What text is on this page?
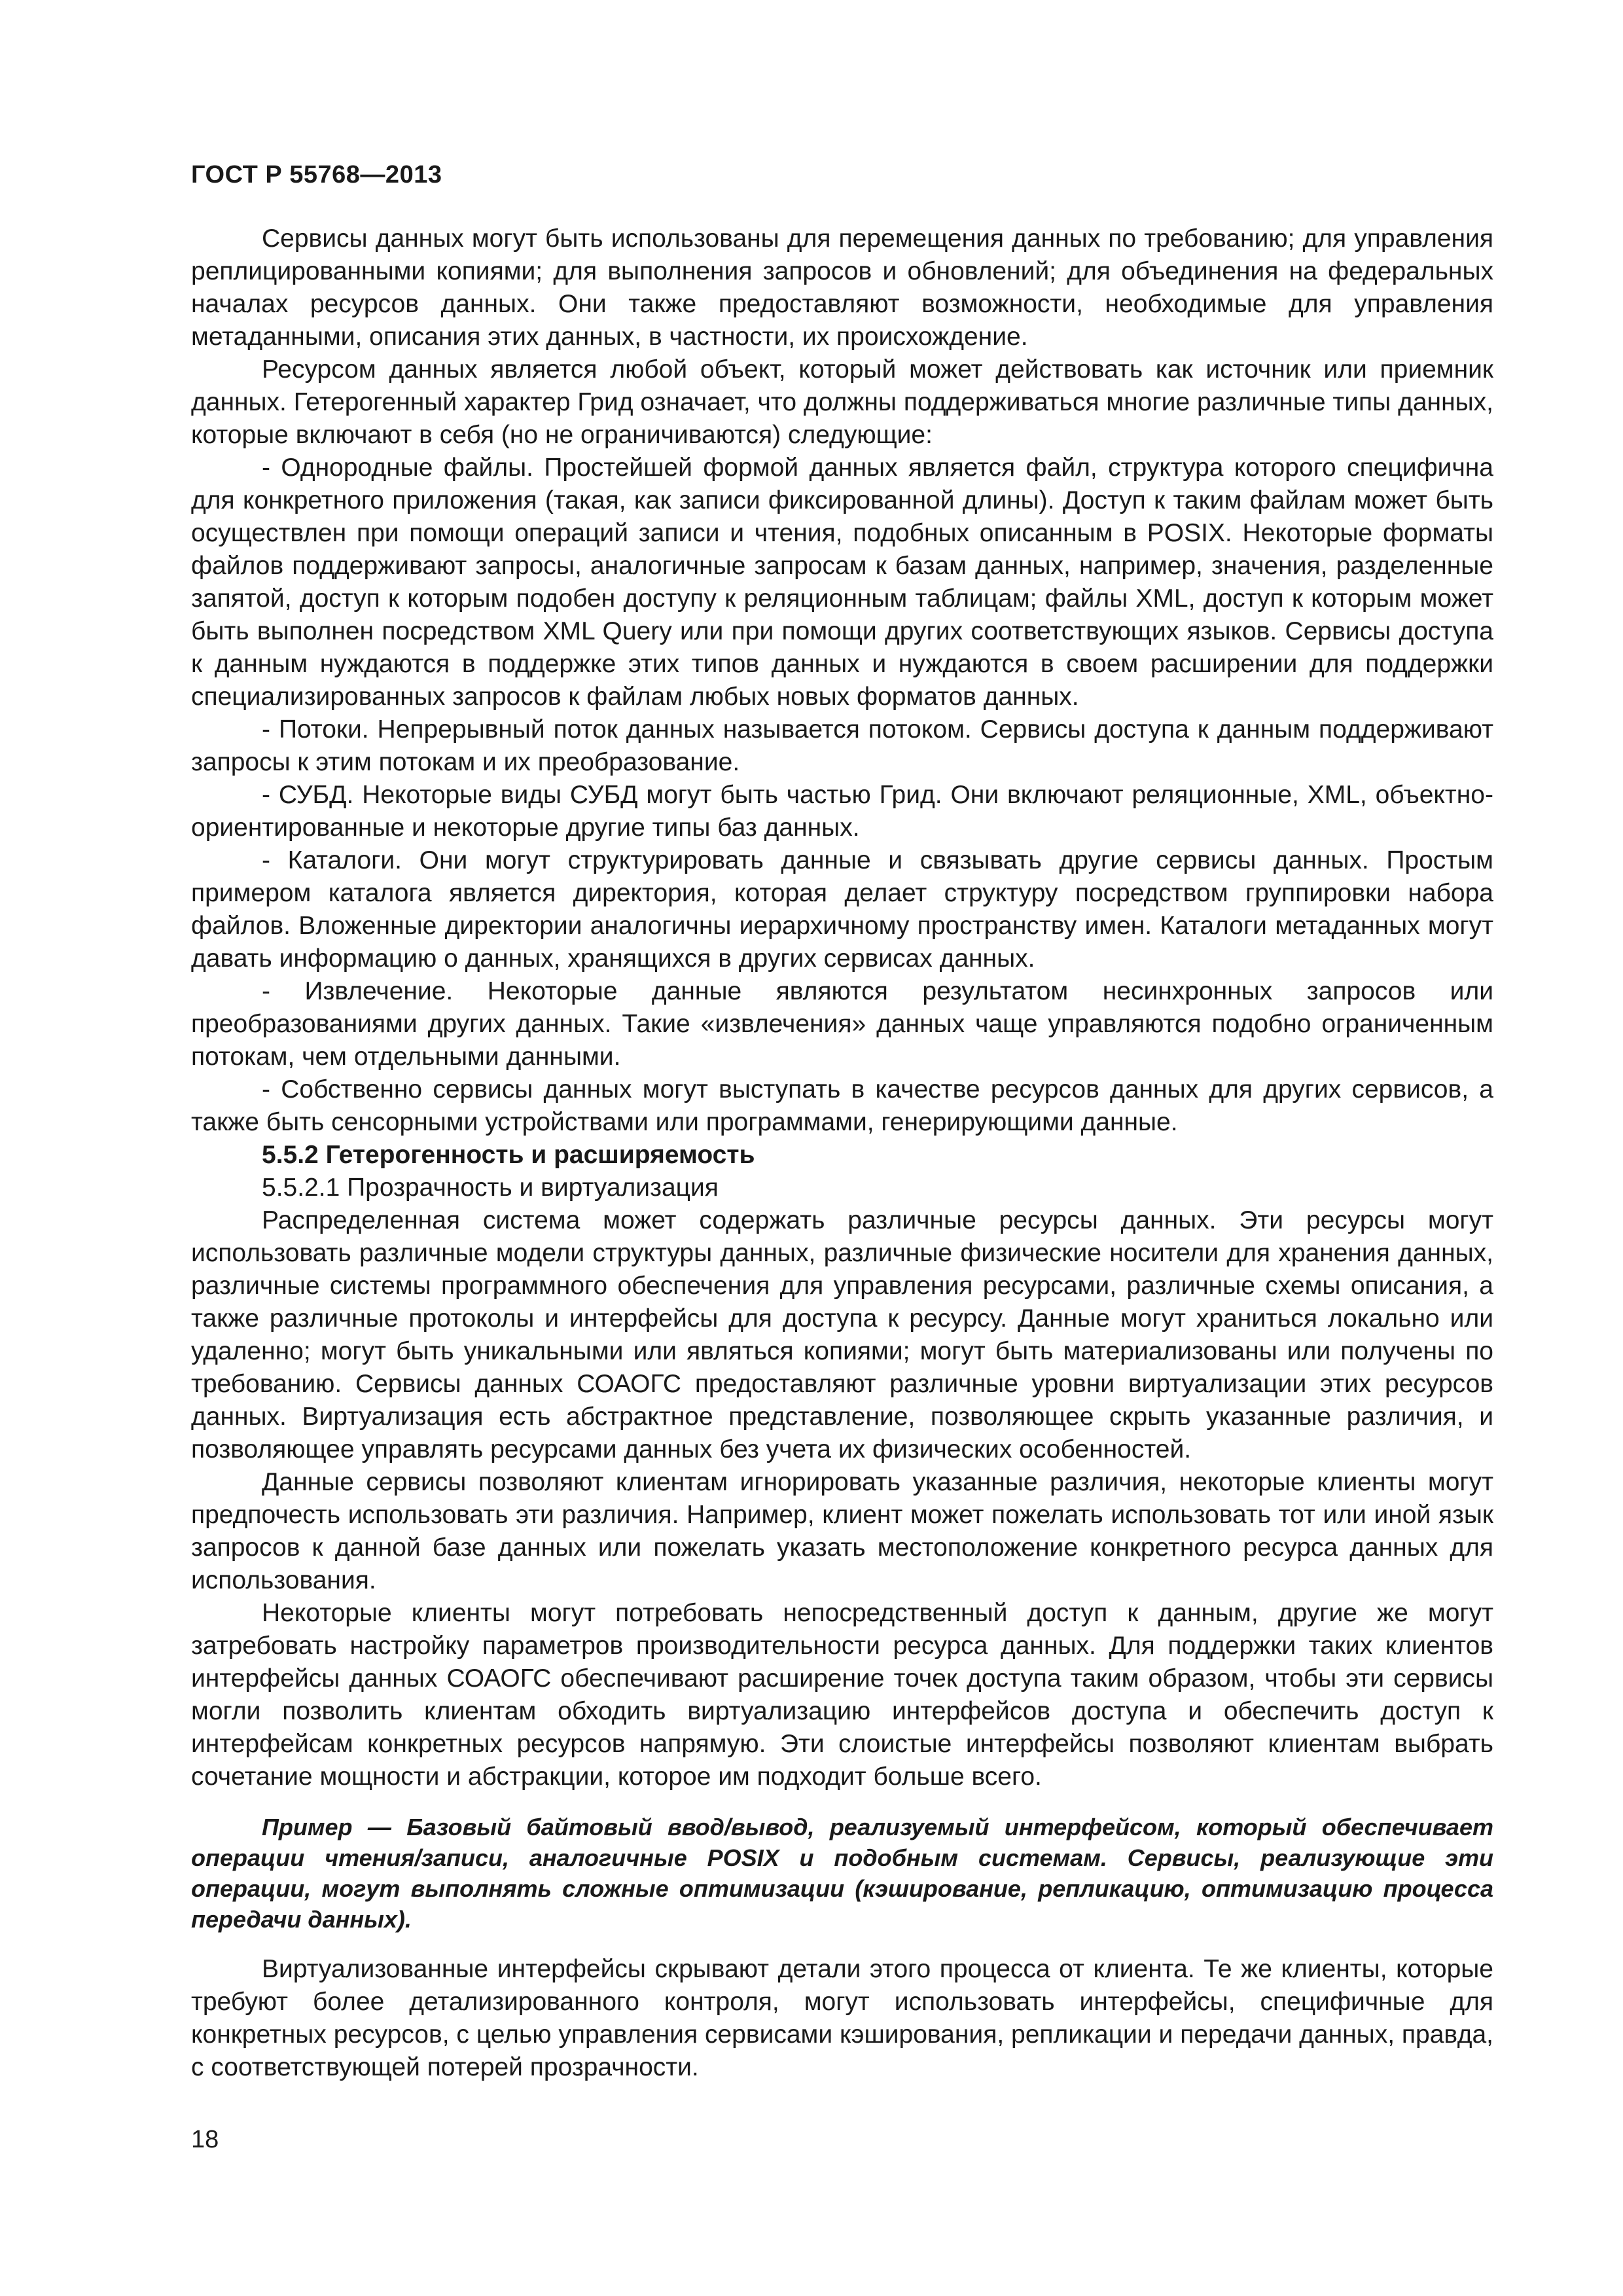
ГОСТ Р 55768—2013

Сервисы данных могут быть использованы для перемещения данных по требованию; для управления реплицированными копиями; для выполнения запросов и обновлений; для объединения на федеральных началах ресурсов данных. Они также предоставляют возможности, необходимые для управления метаданными, описания этих данных, в частности, их происхождение.

Ресурсом данных является любой объект, который может действовать как источник или приемник данных. Гетерогенный характер Грид означает, что должны поддерживаться многие различные типы данных, которые включают в себя (но не ограничиваются) следующие:

- Однородные файлы. Простейшей формой данных является файл, структура которого специфична для конкретного приложения (такая, как записи фиксированной длины). Доступ к таким файлам может быть осуществлен при помощи операций записи и чтения, подобных описанным в POSIX. Некоторые форматы файлов поддерживают запросы, аналогичные запросам к базам данных, например, значения, разделенные запятой, доступ к которым подобен доступу к реляционным таблицам; файлы XML, доступ к которым может быть выполнен посредством XML Query или при помощи других соответствующих языков. Сервисы доступа к данным нуждаются в поддержке этих типов данных и нуждаются в своем расширении для поддержки специализированных запросов к файлам любых новых форматов данных.

- Потоки. Непрерывный поток данных называется потоком. Сервисы доступа к данным поддерживают запросы к этим потокам и их преобразование.

- СУБД. Некоторые виды СУБД могут быть частью Грид. Они включают реляционные, XML, объектно-ориентированные и некоторые другие типы баз данных.

- Каталоги. Они могут структурировать данные и связывать другие сервисы данных. Простым примером каталога является директория, которая делает структуру посредством группировки набора файлов. Вложенные директории аналогичны иерархичному пространству имен. Каталоги метаданных могут давать информацию о данных, хранящихся в других сервисах данных.

- Извлечение. Некоторые данные являются результатом несинхронных запросов или преобразованиями других данных. Такие «извлечения» данных чаще управляются подобно ограниченным потокам, чем отдельными данными.

- Собственно сервисы данных могут выступать в качестве ресурсов данных для других сервисов, а также быть сенсорными устройствами или программами, генерирующими данные.

5.5.2 Гетерогенность и расширяемость

5.5.2.1 Прозрачность и виртуализация

Распределенная система может содержать различные ресурсы данных. Эти ресурсы могут использовать различные модели структуры данных, различные физические носители для хранения данных, различные системы программного обеспечения для управления ресурсами, различные схемы описания, а также различные протоколы и интерфейсы для доступа к ресурсу. Данные могут храниться локально или удаленно; могут быть уникальными или являться копиями; могут быть материализованы или получены по требованию. Сервисы данных СОАОГС предоставляют различные уровни виртуализации этих ресурсов данных. Виртуализация есть абстрактное представление, позволяющее скрыть указанные различия, и позволяющее управлять ресурсами данных без учета их физических особенностей.

Данные сервисы позволяют клиентам игнорировать указанные различия, некоторые клиенты могут предпочесть использовать эти различия. Например, клиент может пожелать использовать тот или иной язык запросов к данной базе данных или пожелать указать местоположение конкретного ресурса данных для использования.

Некоторые клиенты могут потребовать непосредственный доступ к данным, другие же могут затребовать настройку параметров производительности ресурса данных. Для поддержки таких клиентов интерфейсы данных СОАОГС обеспечивают расширение точек доступа таким образом, чтобы эти сервисы могли позволить клиентам обходить виртуализацию интерфейсов доступа и обеспечить доступ к интерфейсам конкретных ресурсов напрямую. Эти слоистые интерфейсы позволяют клиентам выбрать сочетание мощности и абстракции, которое им подходит больше всего.

Пример — Базовый байтовый ввод/вывод, реализуемый интерфейсом, который обеспечивает операции чтения/записи, аналогичные POSIX и подобным системам. Сервисы, реализующие эти операции, могут выполнять сложные оптимизации (кэширование, репликацию, оптимизацию процесса передачи данных).

Виртуализованные интерфейсы скрывают детали этого процесса от клиента. Те же клиенты, которые требуют более детализированного контроля, могут использовать интерфейсы, специфичные для конкретных ресурсов, с целью управления сервисами кэширования, репликации и передачи данных, правда, с соответствующей потерей прозрачности.

18
